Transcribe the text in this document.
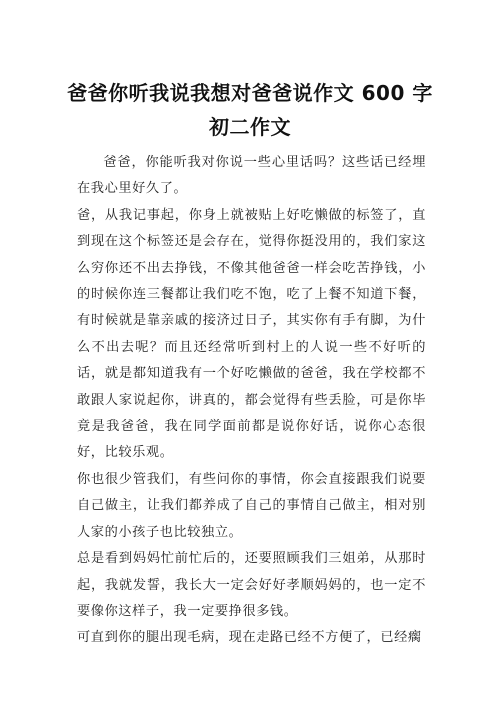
爸爸你听我说我想对爸爸说作文 600 字初二作文

爸爸，你能听我对你说一些心里话吗？这些话已经埋在我心里好久了。

爸，从我记事起，你身上就被贴上好吃懒做的标签了，直到现在这个标签还是会存在，觉得你挺没用的，我们家这么穷你还不出去挣钱，不像其他爸爸一样会吃苦挣钱，小的时候你连三餐都让我们吃不饱，吃了上餐不知道下餐，有时候就是靠亲戚的接济过日子，其实你有手有脚，为什么不出去呢？而且还经常听到村上的人说一些不好听的话，就是都知道我有一个好吃懒做的爸爸，我在学校都不敢跟人家说起你，讲真的，都会觉得有些丢脸，可是你毕竟是我爸爸，我在同学面前都是说你好话，说你心态很好，比较乐观。

你也很少管我们，有些问你的事情，你会直接跟我们说要自己做主，让我们都养成了自己的事情自己做主，相对别人家的小孩子也比较独立。

总是看到妈妈忙前忙后的，还要照顾我们三姐弟，从那时起，我就发誓，我长大一定会好好孝顺妈妈的，也一定不要像你这样子，我一定要挣很多钱。

可直到你的腿出现毛病，现在走路已经不方便了，已经瘸
